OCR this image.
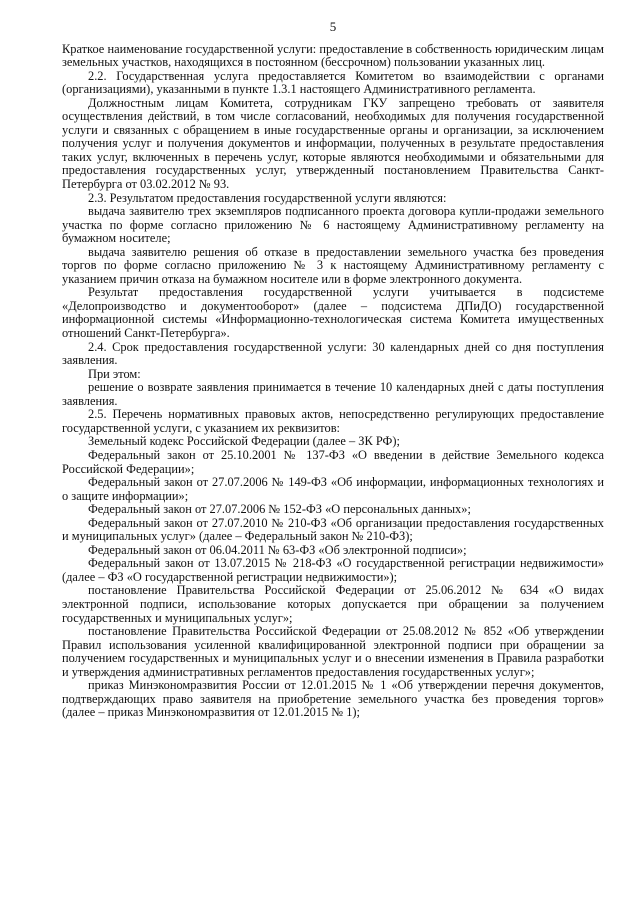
5

Краткое наименование государственной услуги: предоставление в собственность юридическим лицам земельных участков, находящихся в постоянном (бессрочном) пользовании указанных лиц.

2.2. Государственная услуга предоставляется Комитетом во взаимодействии с органами (организациями), указанными в пункте 1.3.1 настоящего Административного регламента.

Должностным лицам Комитета, сотрудникам ГКУ запрещено требовать от заявителя осуществления действий, в том числе согласований, необходимых для получения государственной услуги и связанных с обращением в иные государственные органы и организации, за исключением получения услуг и получения документов и информации, полученных в результате предоставления таких услуг, включенных в перечень услуг, которые являются необходимыми и обязательными для предоставления государственных услуг, утвержденный постановлением Правительства Санкт-Петербурга от 03.02.2012 № 93.

2.3. Результатом предоставления государственной услуги являются:

выдача заявителю трех экземпляров подписанного проекта договора купли-продажи земельного участка по форме согласно приложению № 6 настоящему Административному регламенту на бумажном носителе;

выдача заявителю решения об отказе в предоставлении земельного участка без проведения торгов по форме согласно приложению № 3 к настоящему Административному регламенту с указанием причин отказа на бумажном носителе или в форме электронного документа.

Результат предоставления государственной услуги учитывается в подсистеме «Делопроизводство и документооборот» (далее – подсистема ДПиДО) государственной информационной системы «Информационно-технологическая система Комитета имущественных отношений Санкт-Петербурга».

2.4. Срок предоставления государственной услуги: 30 календарных дней со дня поступления заявления.

При этом:

решение о возврате заявления принимается в течение 10 календарных дней с даты поступления заявления.

2.5. Перечень нормативных правовых актов, непосредственно регулирующих предоставление государственной услуги, с указанием их реквизитов:

Земельный кодекс Российской Федерации (далее – ЗК РФ);

Федеральный закон от 25.10.2001 № 137-ФЗ «О введении в действие Земельного кодекса Российской Федерации»;

Федеральный закон от 27.07.2006 № 149-ФЗ «Об информации, информационных технологиях и о защите информации»;

Федеральный закон от 27.07.2006 № 152-ФЗ «О персональных данных»;

Федеральный закон от 27.07.2010 № 210-ФЗ «Об организации предоставления государственных и муниципальных услуг» (далее – Федеральный закон № 210-ФЗ);

Федеральный закон от 06.04.2011 № 63-ФЗ «Об электронной подписи»;

Федеральный закон от 13.07.2015 № 218-ФЗ «О государственной регистрации недвижимости» (далее – ФЗ «О государственной регистрации недвижимости»);

постановление Правительства Российской Федерации от 25.06.2012 № 634 «О видах электронной подписи, использование которых допускается при обращении за получением государственных и муниципальных услуг»;

постановление Правительства Российской Федерации от 25.08.2012 № 852 «Об утверждении Правил использования усиленной квалифицированной электронной подписи при обращении за получением государственных и муниципальных услуг и о внесении изменения в Правила разработки и утверждения административных регламентов предоставления государственных услуг»;

приказ Минэкономразвития России от 12.01.2015 № 1 «Об утверждении перечня документов, подтверждающих право заявителя на приобретение земельного участка без проведения торгов» (далее – приказ Минэкономразвития от 12.01.2015 № 1);
